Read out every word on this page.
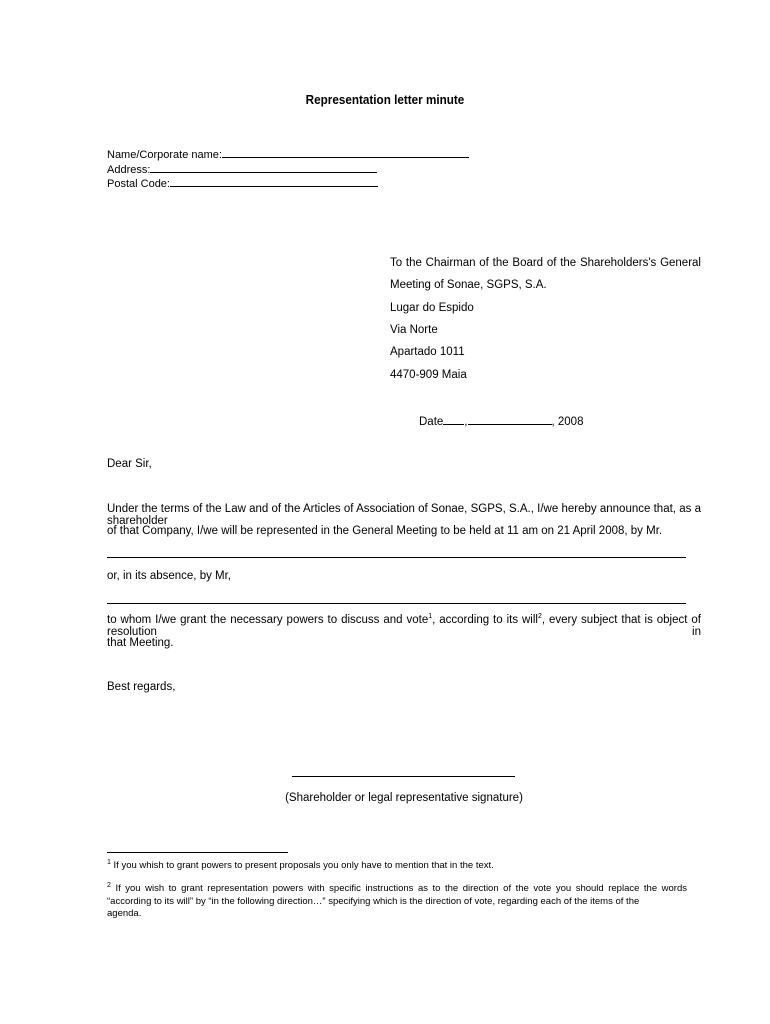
Representation letter minute
Name/Corporate name:
Address:
Postal Code:
To the Chairman of the Board of the Shareholders's General
Meeting of Sonae, SGPS, S.A.
Lugar do Espido
Via Norte
Apartado 1011
4470-909 Maia
Date ,	, 2008
Dear Sir,
Under the terms of the Law and of the Articles of Association of Sonae, SGPS, S.A., I/we hereby announce that, as a shareholder
of that Company, I/we will be represented in the General Meeting to be held at 11 am on 21 April 2008, by Mr.
or, in its absence, by Mr,
to whom I/we grant the necessary powers to discuss and vote$^1$, according to its will$^2$, every subject that is object of resolution in
that Meeting.
Best regards,
(Shareholder or legal representative signature)
$^1$ If you whish to grant powers to present proposals you only have to mention that in the text.
$^2$ If you wish to grant representation powers with specific instructions as to the direction of the vote you should replace the words
“according to its will” by “in the following direction…” specifying which is the direction of vote, regarding each of the items of the
agenda.
